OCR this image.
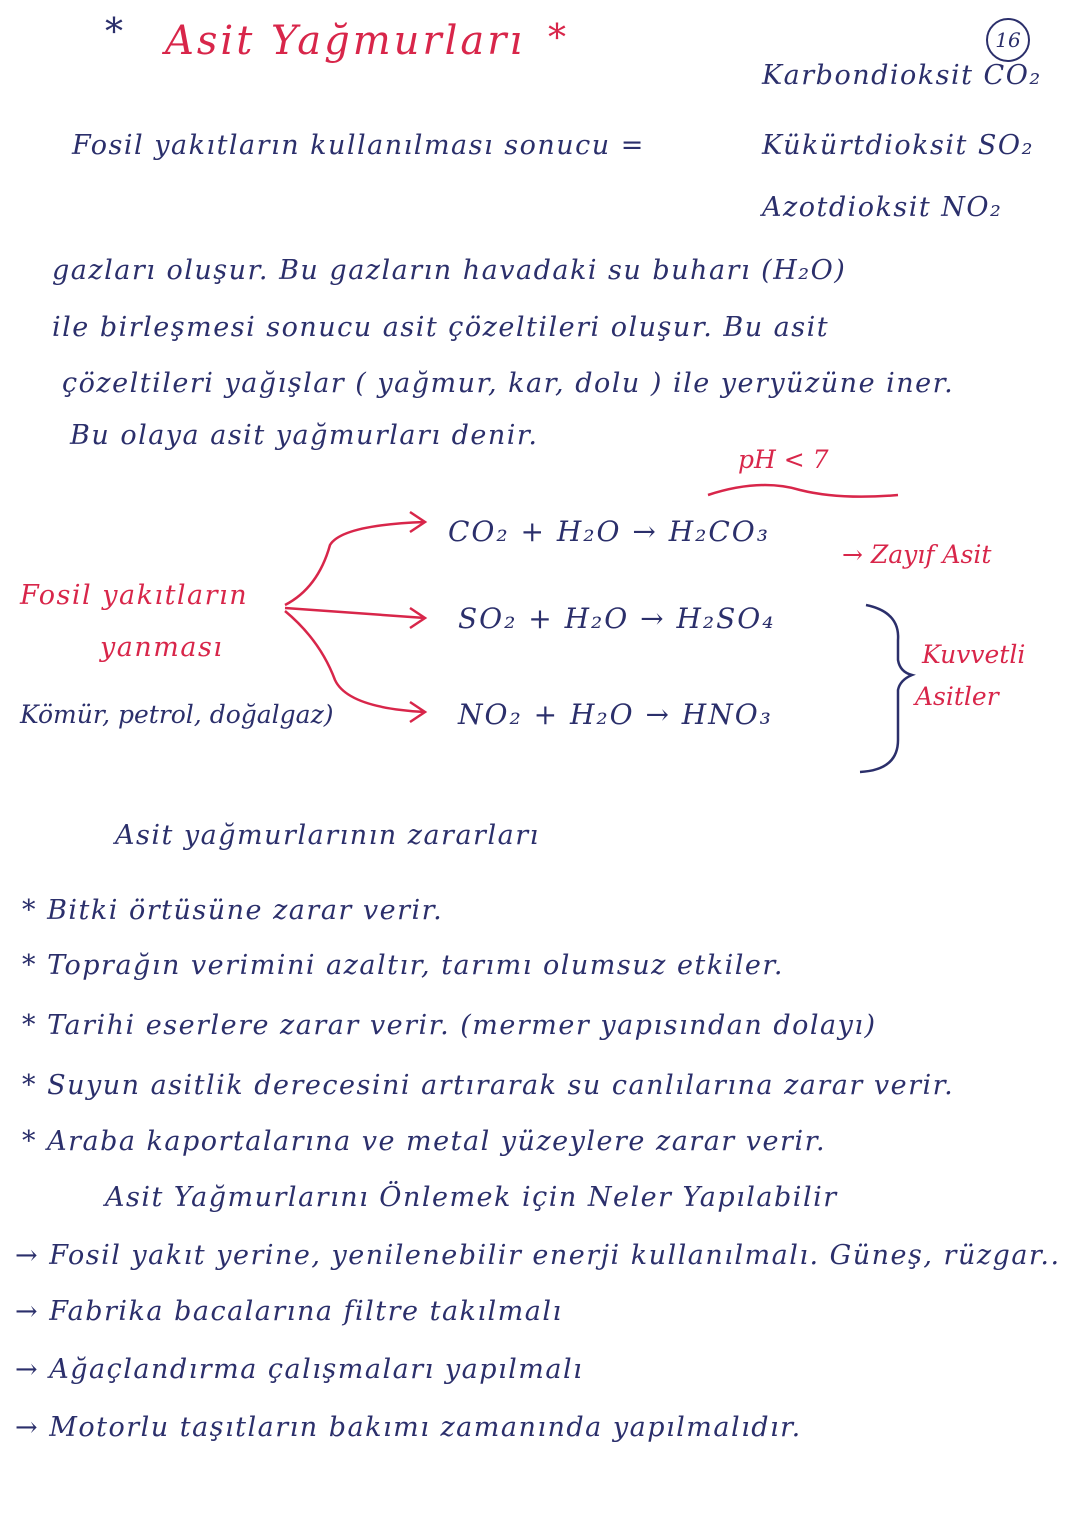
* Asit Yağmurları *	16
Karbondioksit CO₂
Fosil yakıtların kullanılması sonucu =	Kükürtdioksit SO₂
Azotdioksit NO₂
gazları oluşur. Bu gazların havadaki su buharı (H₂O)
ile birleşmesi sonucu asit çözeltileri oluşur. Bu asit
çözeltileri yağışlar ( yağmur, kar, dolu ) ile yeryüzüne iner.
Bu olaya asit yağmurları denir.
pH < 7
CO₂ + H₂O → H₂CO₃
→ Zayıf Asit
Fosil yakıtların
yanması
Kömür, petrol, doğalgaz)
SO₂ + H₂O → H₂SO₄
NO₂ + H₂O → HNO₃
Kuvvetli
Asitler
Asit yağmurlarının zararları
* Bitki örtüsüne zarar verir.
* Toprağın verimini azaltır, tarımı olumsuz etkiler.
* Tarihi eserlere zarar verir. (mermer yapısından dolayı)
* Suyun asitlik derecesini artırarak su canlılarına zarar verir.
* Araba kaportalarına ve metal yüzeylere zarar verir.
Asit Yağmurlarını Önlemek için Neler Yapılabilir
→ Fosil yakıt yerine, yenilenebilir enerji kullanılmalı. Güneş, rüzgar..
→ Fabrika bacalarına filtre takılmalı
→ Ağaçlandırma çalışmaları yapılmalı
→ Motorlu taşıtların bakımı zamanında yapılmalıdır.
